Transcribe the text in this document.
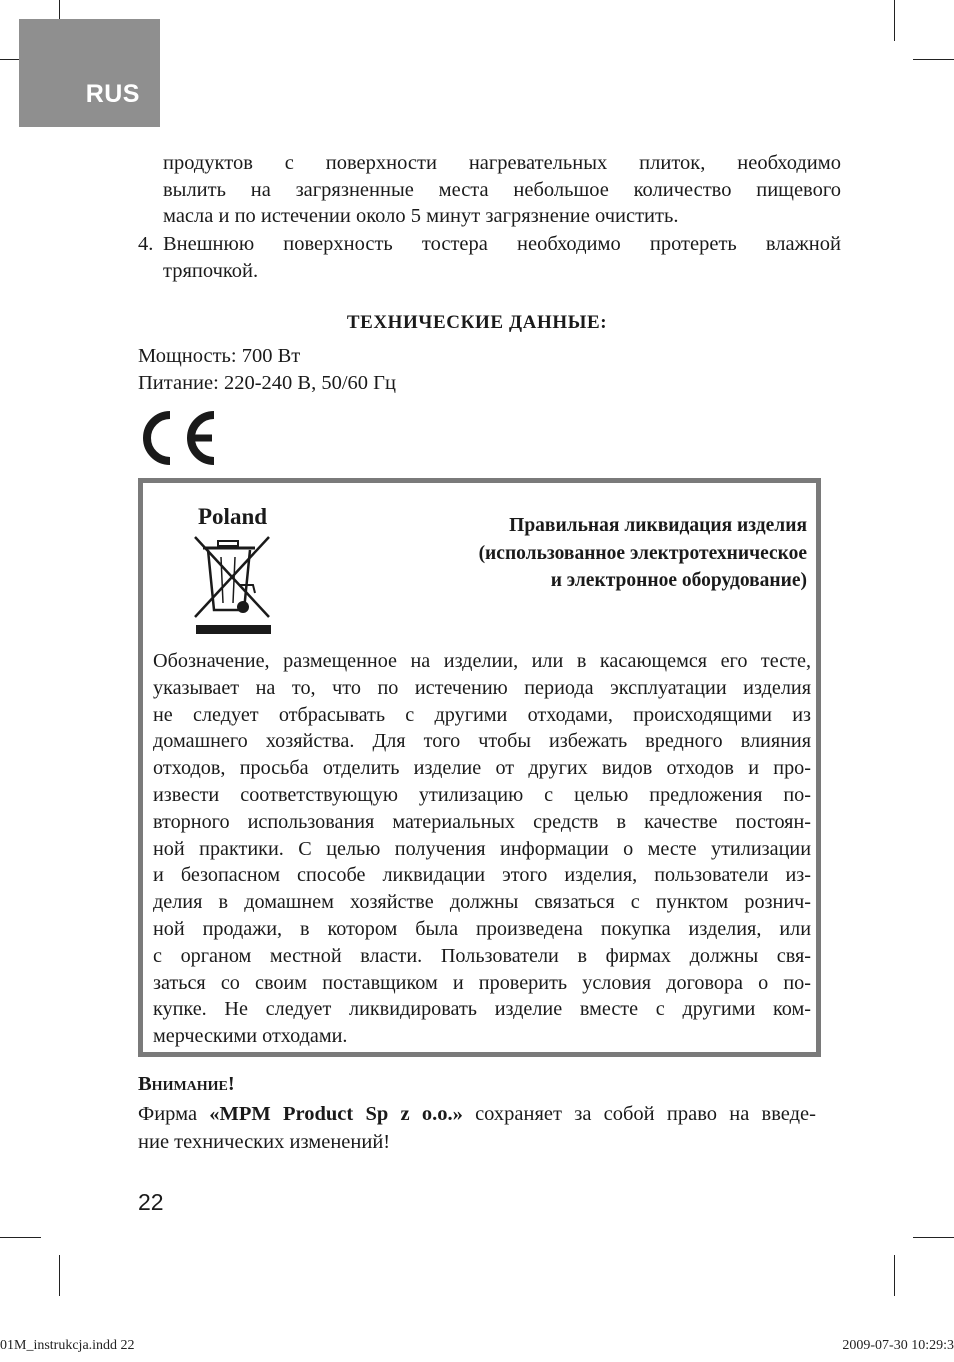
RUS
продуктов с поверхности нагревательных плиток, необходимо
вылить на загрязненные места небольшое количество пищевого
масла и по истечении около 5 минут загрязнение очистить.
4. Внешнюю поверхность тостера необходимо протереть влажной
тряпочкой.
ТЕХНИЧЕСКИЕ ДАННЫЕ:
Мощность: 700 Вт
Питание: 220-240 В, 50/60 Гц
Poland	Правильная ликвидация изделия
(использованное электротехническое
и электронное оборудование)
Обозначение, размещенное на изделии, или в касающемся его тесте,
указывает на то, что по истечению периода эксплуатации изделия
не следует отбрасывать с другими отходами, происходящими из
домашнего хозяйства. Для того чтобы избежать вредного влияния
отходов, просьба отделить изделие от других видов отходов и про-
извести соответствующую утилизацию с целью предложения по-
вторного использования материальных средств в качестве постоян-
ной практики. С целью получения информации о месте утилизации
и безопасном способе ликвидации этого изделия, пользователи из-
делия в домашнем хозяйстве должны связаться с пунктом рознич-
ной продажи, в котором была произведена покупка изделия, или
с органом местной власти. Пользователи в фирмах должны свя-
заться со своим поставщиком и проверить условия договора о по-
купке. Не следует ликвидировать изделие вместе с другими ком-
мерческими отходами.
Внимание!
Фирма «MPM Product Sp z o.o.» сохраняет за собой право на введе-
ние технических изменений!
22
01M_instrukcja.indd 22	2009-07-30 10:29:3
